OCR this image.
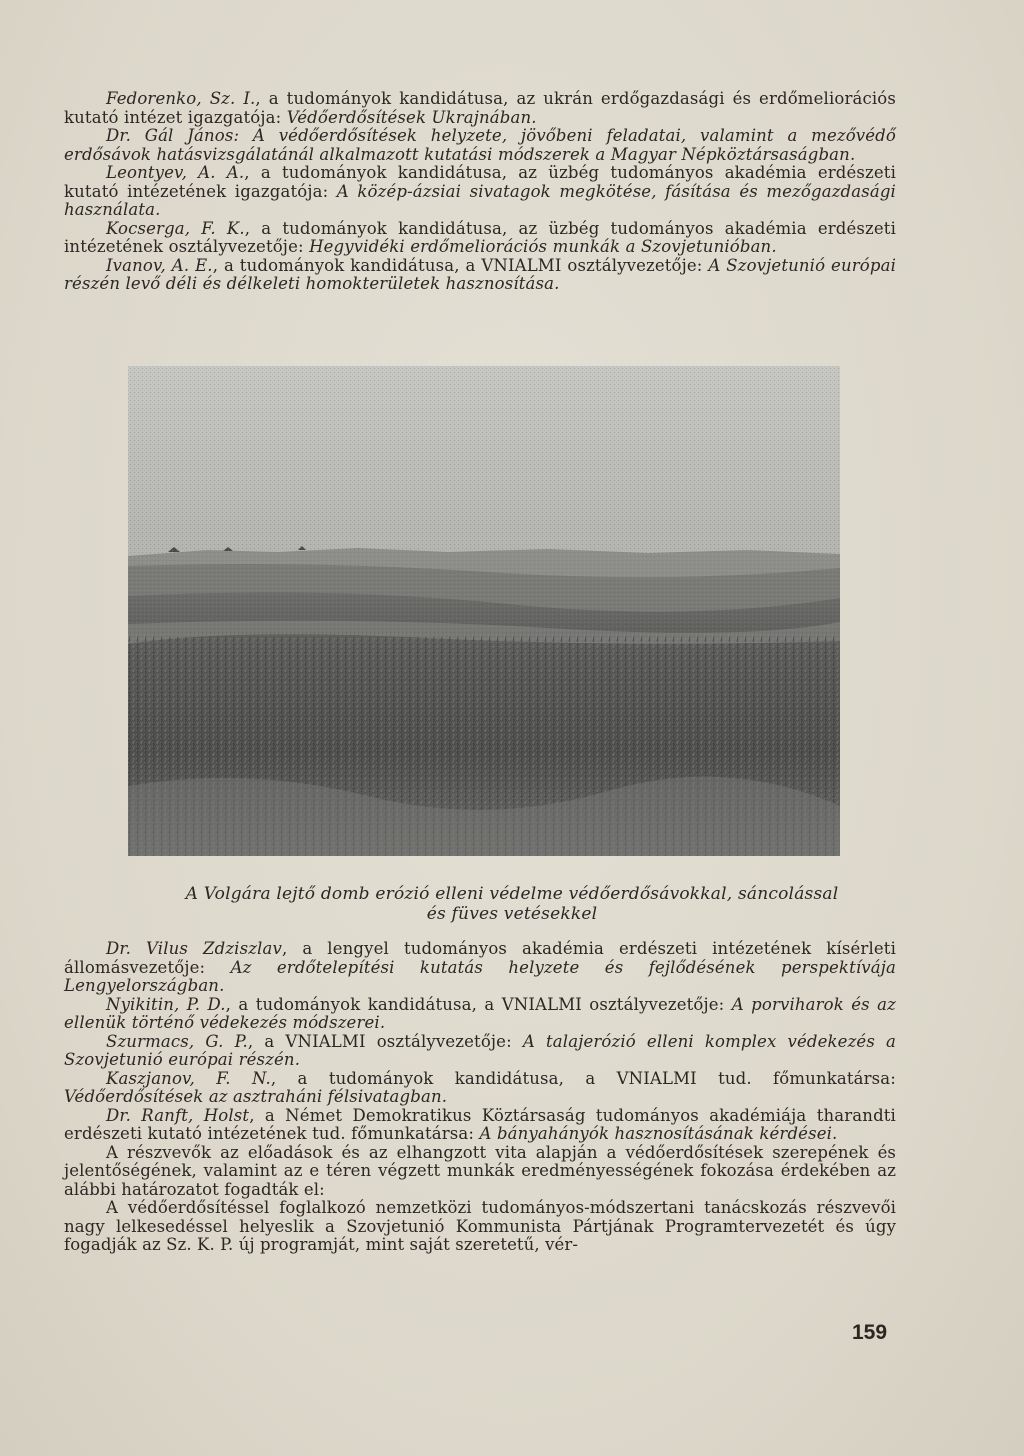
Fedorenko, Sz. I., a tudományok kandidátusa, az ukrán erdőgazdasági és erdőmeliorációs kutató intézet igazgatója: Védőerdősítések Ukrajnában.

Dr. Gál János: A védőerdősítések helyzete, jövőbeni feladatai, valamint a mezővédő erdősávok hatásvizsgálatánál alkalmazott kutatási módszerek a Magyar Népköztársaságban.

Leontyev, A. A., a tudományok kandidátusa, az üzbég tudományos akadémia erdészeti kutató intézetének igazgatója: A közép-ázsiai sivatagok megkötése, fásítása és mezőgazdasági használata.

Kocserga, F. K., a tudományok kandidátusa, az üzbég tudományos akadémia erdészeti intézetének osztályvezetője: Hegyvidéki erdőmeliorációs munkák a Szovjetunióban.

Ivanov, A. E., a tudományok kandidátusa, a VNIALMI osztályvezetője: A Szovjetunió európai részén levő déli és délkeleti homokterületek hasznosítása.

A Volgára lejtő domb erózió elleni védelme védőerdősávokkal, sáncolással
és füves vetésekkel

Dr. Vilus Zdziszlav, a lengyel tudományos akadémia erdészeti intézetének kísérleti állomásvezetője: Az erdőtelepítési kutatás helyzete és fejlődésének perspektívája Lengyelországban.

Nyikitin, P. D., a tudományok kandidátusa, a VNIALMI osztályvezetője: A porviharok és az ellenük történő védekezés módszerei.

Szurmacs, G. P., a VNIALMI osztályvezetője: A talajerózió elleni komplex védekezés a Szovjetunió európai részén.

Kaszjanov, F. N., a tudományok kandidátusa, a VNIALMI tud. főmunkatársa: Védőerdősítések az asztraháni félsivatagban.

Dr. Ranft, Holst, a Német Demokratikus Köztársaság tudományos akadémiája tharandti erdészeti kutató intézetének tud. főmunkatársa: A bányahányók hasznosításának kérdései.

A részvevők az előadások és az elhangzott vita alapján a védőerdősítések szerepének és jelentőségének, valamint az e téren végzett munkák eredményességének fokozása érdekében az alábbi határozatot fogadták el:

A védőerdősítéssel foglalkozó nemzetközi tudományos-módszertani tanácskozás részvevői nagy lelkesedéssel helyeslik a Szovjetunió Kommunista Pártjának Programtervezetét és úgy fogadják az Sz. K. P. új programját, mint saját szeretetű, vér-

159
